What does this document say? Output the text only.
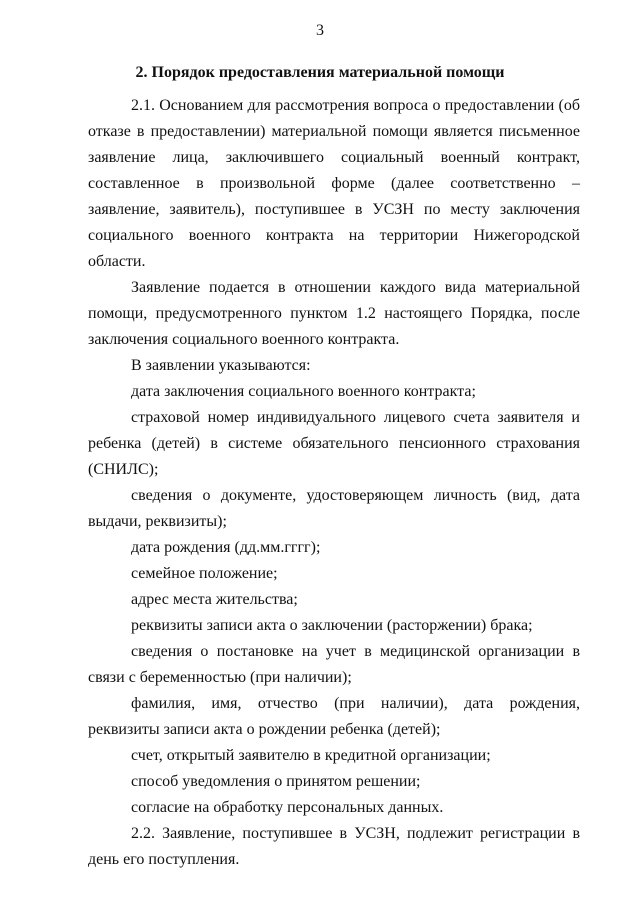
3
2. Порядок предоставления материальной помощи

2.1. Основанием для рассмотрения вопроса о предоставлении (об отказе в предоставлении) материальной помощи является письменное заявление лица, заключившего социальный военный контракт, составленное в произвольной форме (далее соответственно – заявление, заявитель), поступившее в УСЗН по месту заключения социального военного контракта на территории Нижегородской области.

Заявление подается в отношении каждого вида материальной помощи, предусмотренного пунктом 1.2 настоящего Порядка, после заключения социального военного контракта.

В заявлении указываются:

дата заключения социального военного контракта;

страховой номер индивидуального лицевого счета заявителя и ребенка (детей) в системе обязательного пенсионного страхования (СНИЛС);

сведения о документе, удостоверяющем личность (вид, дата выдачи, реквизиты);

дата рождения (дд.мм.гггг);

семейное положение;

адрес места жительства;

реквизиты записи акта о заключении (расторжении) брака;

сведения о постановке на учет в медицинской организации в связи с беременностью (при наличии);

фамилия, имя, отчество (при наличии), дата рождения, реквизиты записи акта о рождении ребенка (детей);

счет, открытый заявителю в кредитной организации;

способ уведомления о принятом решении;

согласие на обработку персональных данных.

2.2. Заявление, поступившее в УСЗН, подлежит регистрации в день его поступления.
